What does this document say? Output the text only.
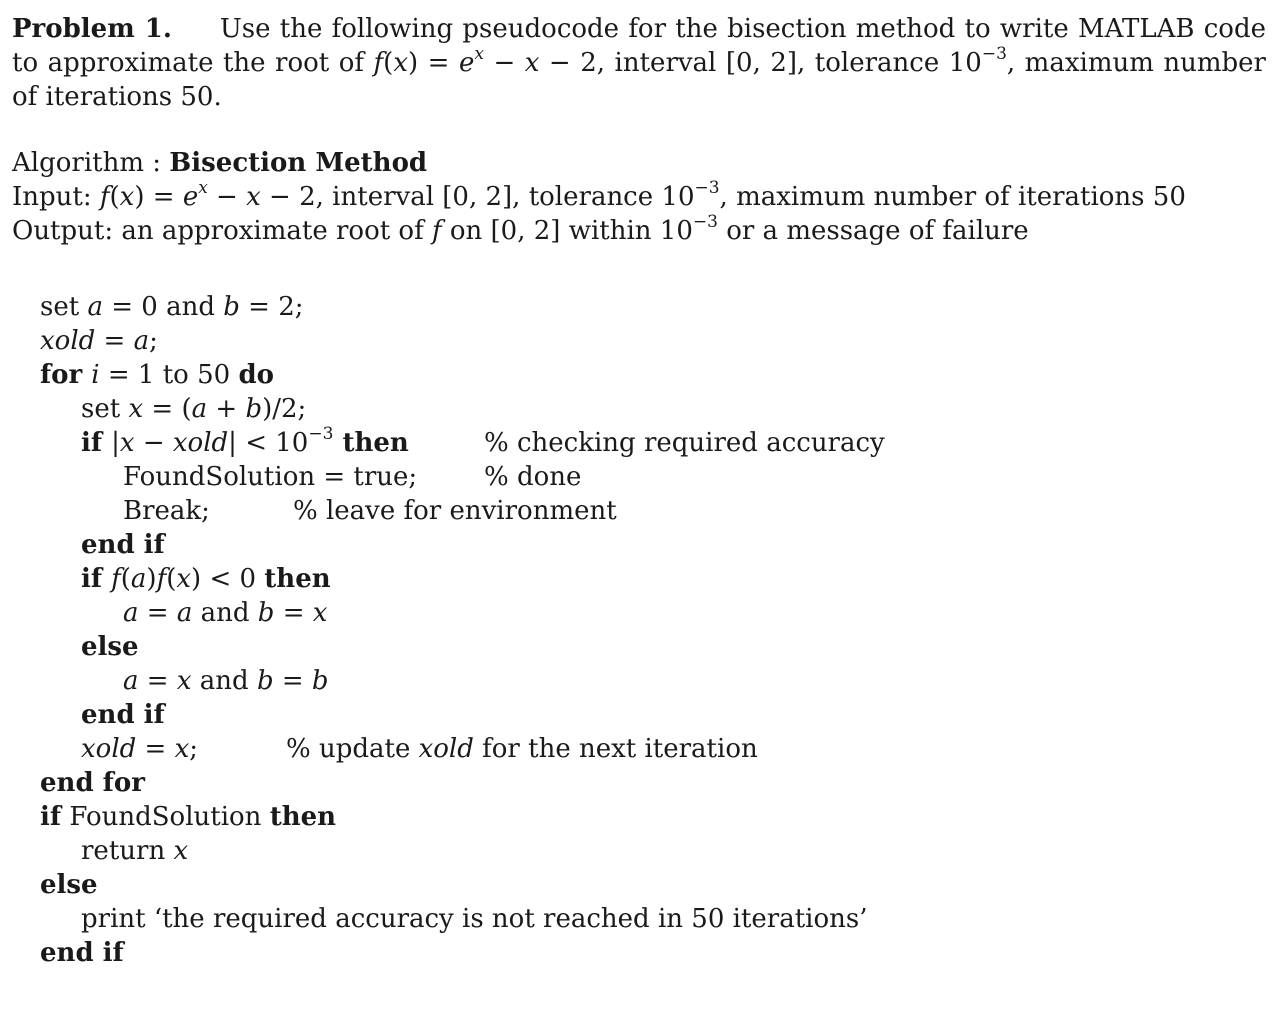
Problem 1. Use the following pseudocode for the bisection method to write MATLAB code to approximate the root of $f(x) = e^x - x - 2$, interval [0, 2], tolerance $10^{-3}$, maximum number of iterations 50.
Algorithm : Bisection Method
Input: $f(x) = e^x - x - 2$, interval [0, 2], tolerance $10^{-3}$, maximum number of iterations 50
Output: an approximate root of f on [0, 2] within $10^{-3}$ or a message of failure
set a = 0 and b = 2;
xold = a;
for i = 1 to 50 do
set x = (a + b)/2;
if |x − xold| < $10^{-3}$ then	% checking required accuracy
FoundSolution = true;	% done
Break;	% leave for environment
end if
if f(a)f(x) < 0 then
a = a and b = x
else
a = x and b = b
end if
xold = x;	% update xold for the next iteration
end for
if FoundSolution then
return x
else
print ‘the required accuracy is not reached in 50 iterations’
end if
